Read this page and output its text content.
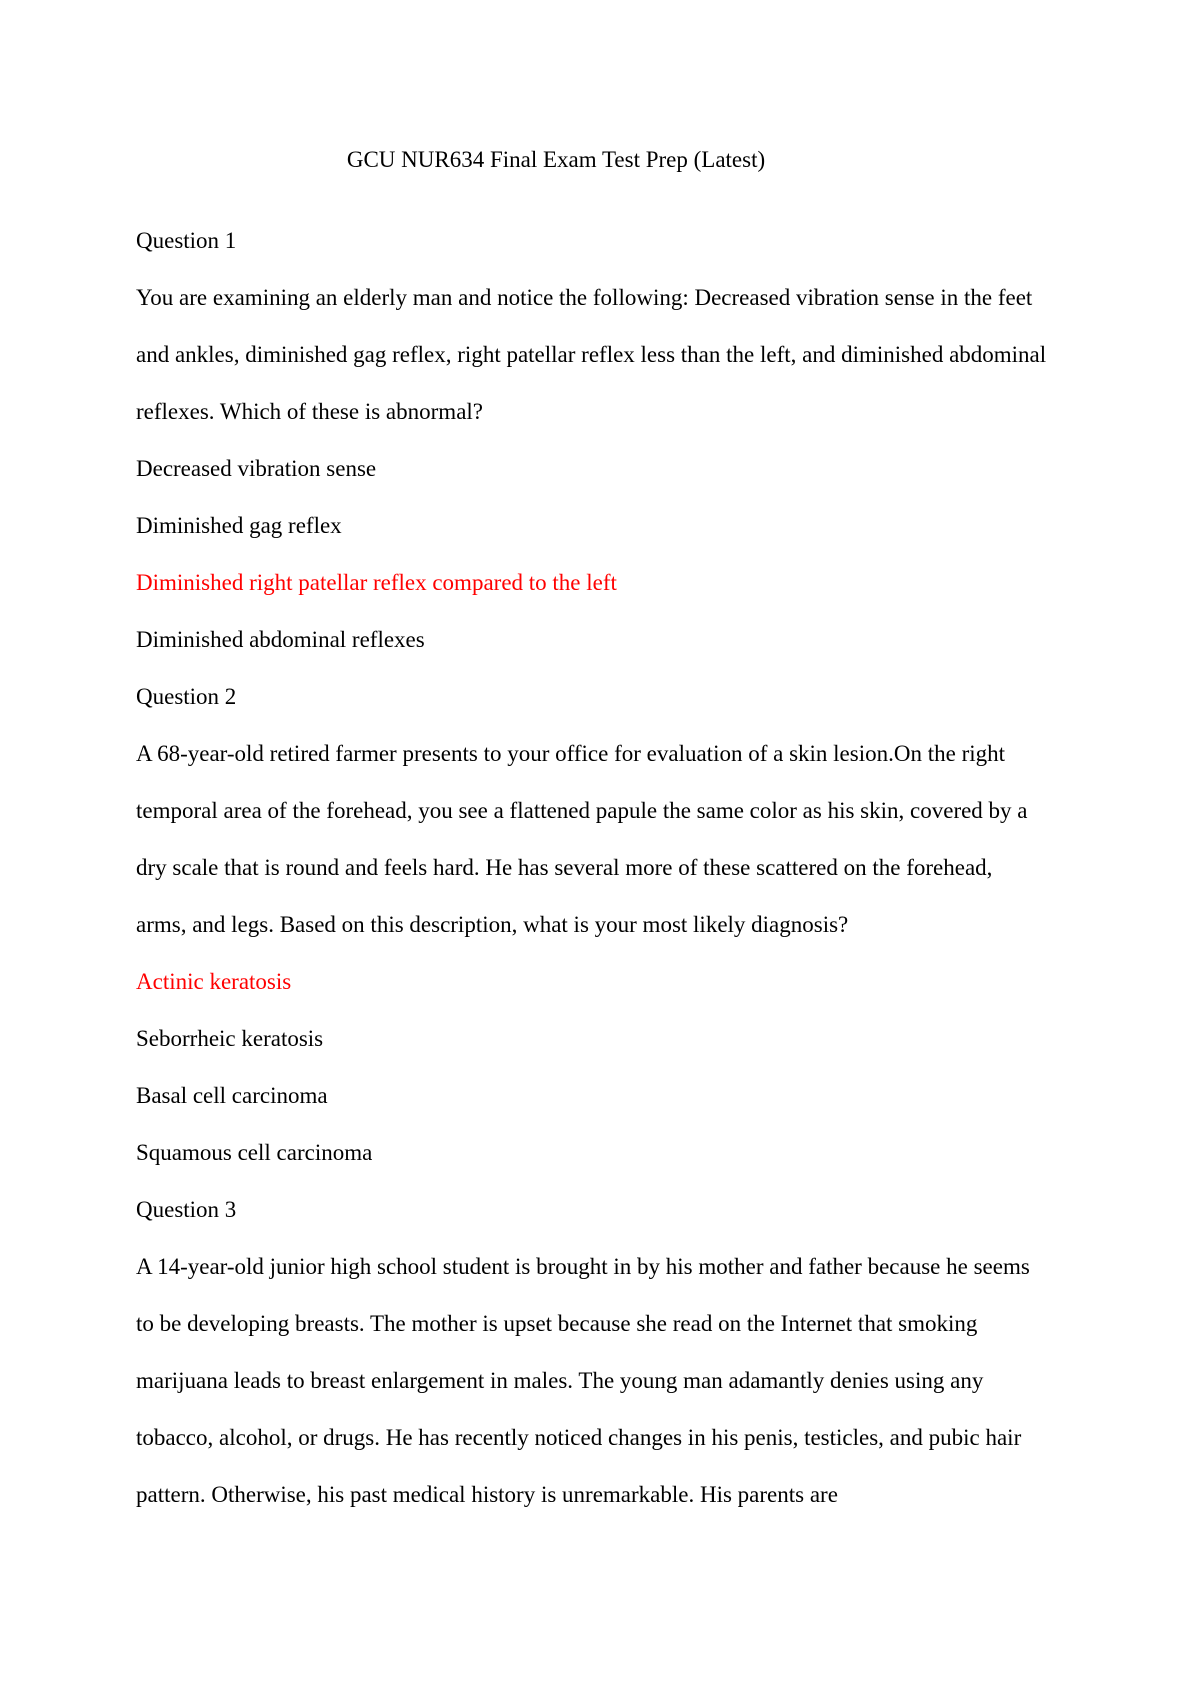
GCU NUR634 Final Exam Test Prep (Latest)
Question 1
You are examining an elderly man and notice the following: Decreased vibration sense in the feet
and ankles, diminished gag reflex, right patellar reflex less than the left, and diminished abdominal
reflexes. Which of these is abnormal?
Decreased vibration sense
Diminished gag reflex
Diminished right patellar reflex compared to the left
Diminished abdominal reflexes
Question 2
A 68-year-old retired farmer presents to your office for evaluation of a skin lesion.On the right
temporal area of the forehead, you see a flattened papule the same color as his skin, covered by a
dry scale that is round and feels hard. He has several more of these scattered on the forehead,
arms, and legs. Based on this description, what is your most likely diagnosis?
Actinic keratosis
Seborrheic keratosis
Basal cell carcinoma
Squamous cell carcinoma
Question 3
A 14-year-old junior high school student is brought in by his mother and father because he seems
to be developing breasts. The mother is upset because she read on the Internet that smoking
marijuana leads to breast enlargement in males. The young man adamantly denies using any
tobacco, alcohol, or drugs. He has recently noticed changes in his penis, testicles, and pubic hair
pattern. Otherwise, his past medical history is unremarkable. His parents are
